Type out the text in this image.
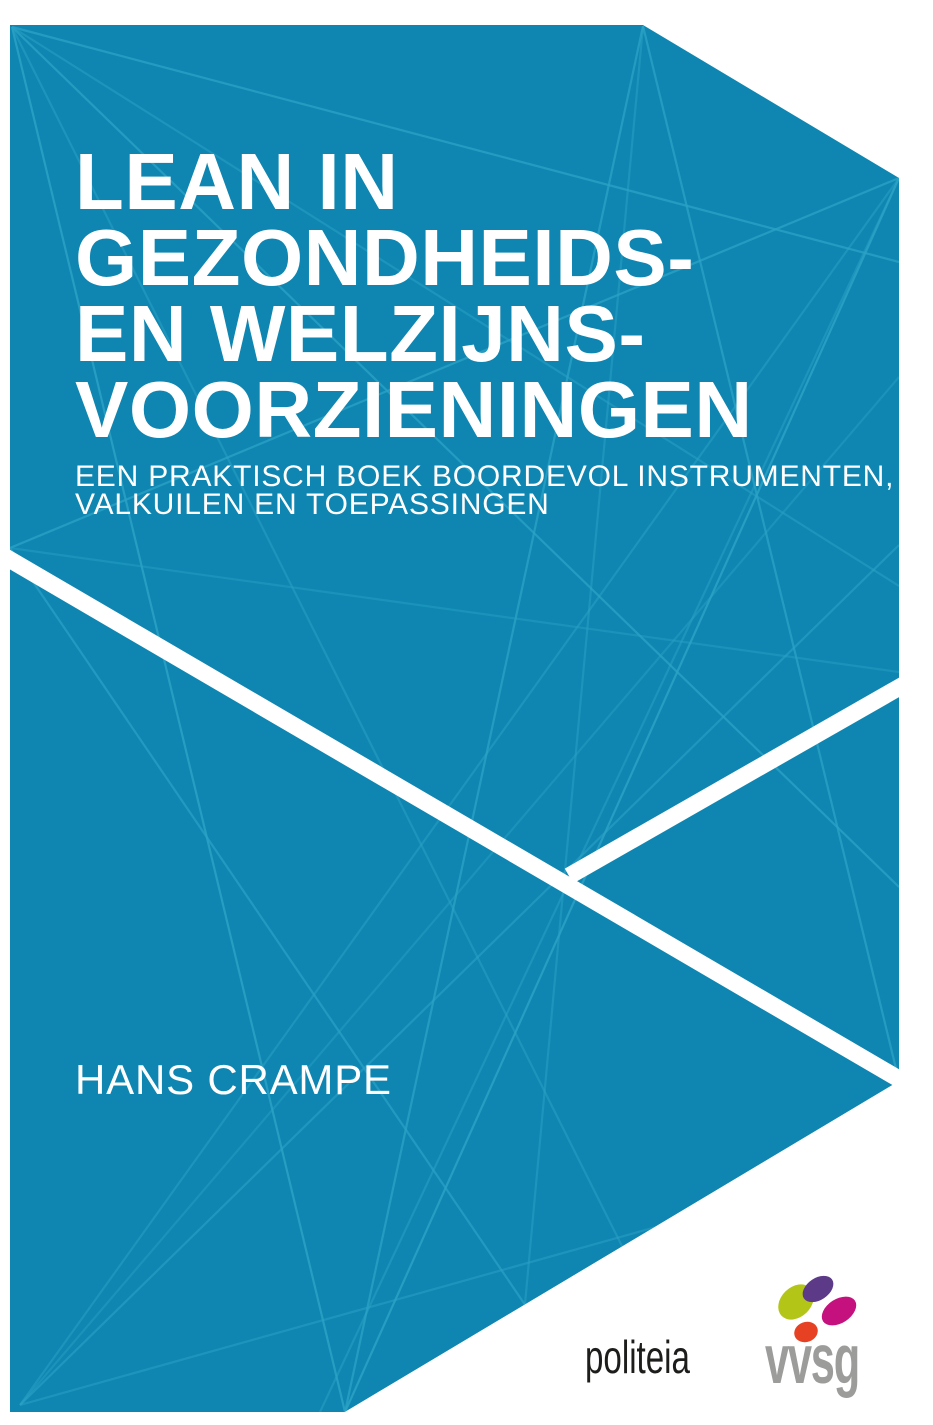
LEAN IN
GEZONDHEIDS-
EN WELZIJNS-
VOORZIENINGEN
EEN PRAKTISCH BOEK BOORDEVOL INSTRUMENTEN,
VALKUILEN EN TOEPASSINGEN
HANS CRAMPE
politeia vvsg
